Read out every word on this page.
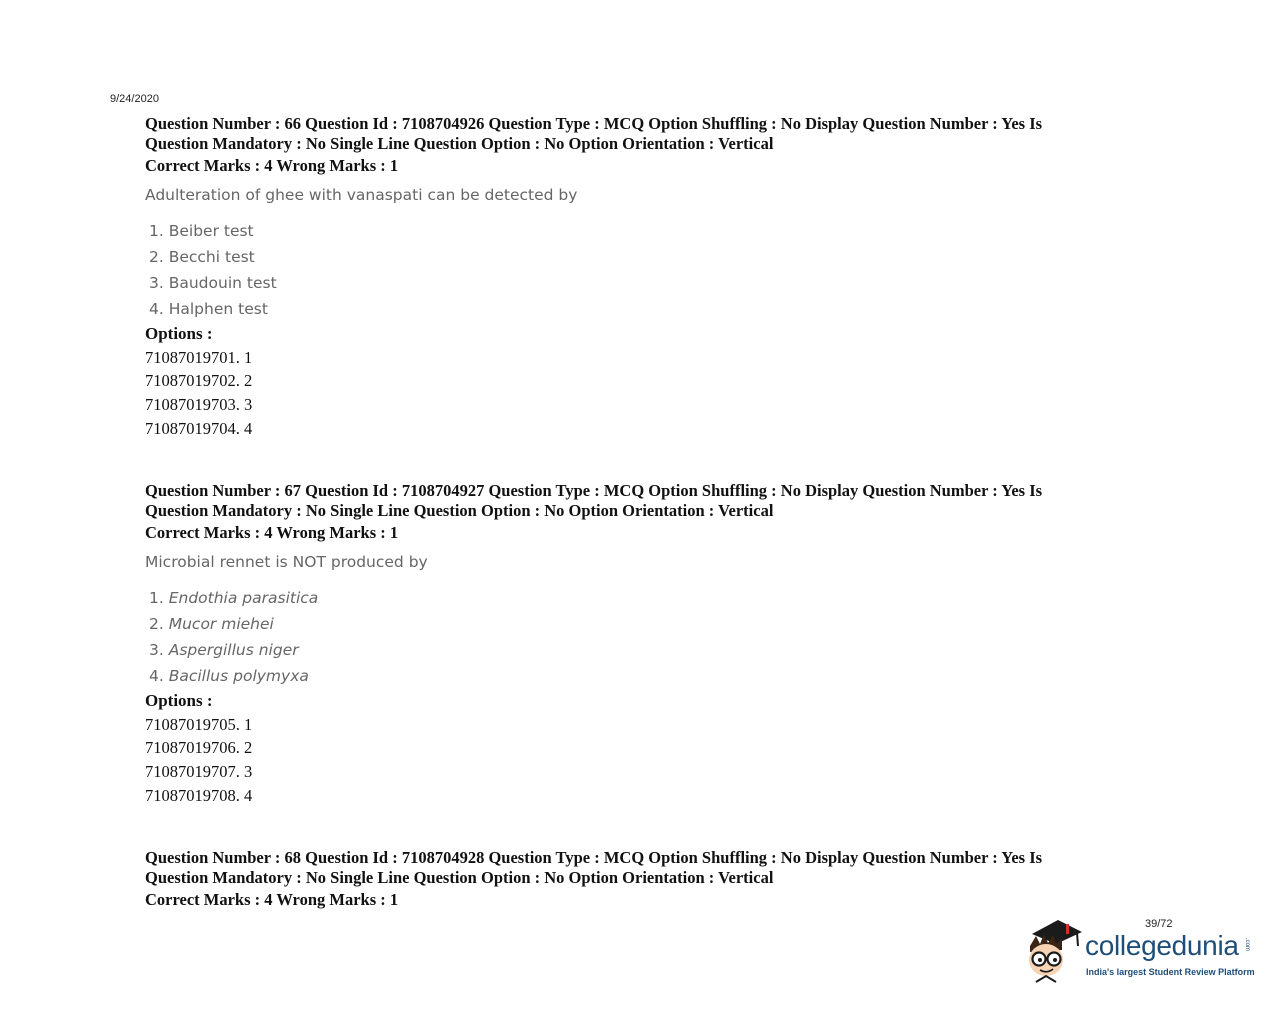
9/24/2020
Question Number : 66 Question Id : 7108704926 Question Type : MCQ Option Shuffling : No Display Question Number : Yes Is
Question Mandatory : No Single Line Question Option : No Option Orientation : Vertical
Correct Marks : 4 Wrong Marks : 1
Adulteration of ghee with vanaspati can be detected by
1. Beiber test
2. Becchi test
3. Baudouin test
4. Halphen test
Options :
71087019701. 1
71087019702. 2
71087019703. 3
71087019704. 4
Question Number : 67 Question Id : 7108704927 Question Type : MCQ Option Shuffling : No Display Question Number : Yes Is
Question Mandatory : No Single Line Question Option : No Option Orientation : Vertical
Correct Marks : 4 Wrong Marks : 1
Microbial rennet is NOT produced by
1. Endothia parasitica
2. Mucor miehei
3. Aspergillus niger
4. Bacillus polymyxa
Options :
71087019705. 1
71087019706. 2
71087019707. 3
71087019708. 4
Question Number : 68 Question Id : 7108704928 Question Type : MCQ Option Shuffling : No Display Question Number : Yes Is
Question Mandatory : No Single Line Question Option : No Option Orientation : Vertical
Correct Marks : 4 Wrong Marks : 1
39/72
collegedunia .com
India's largest Student Review Platform
